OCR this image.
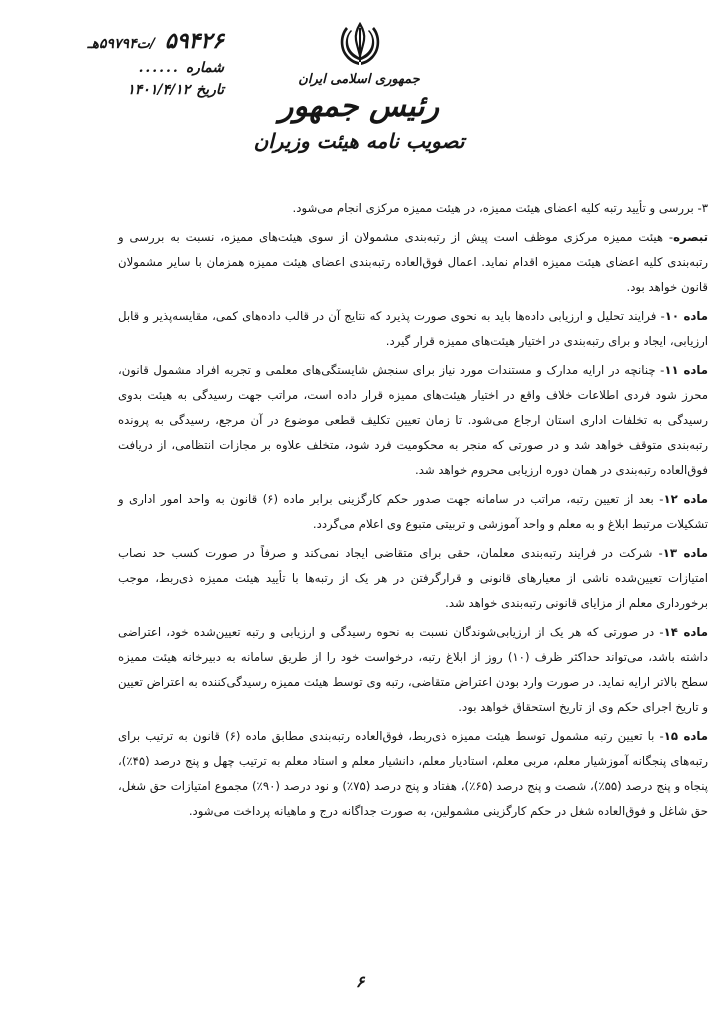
۵۹۴۲۶
/ت۵۹۷۹۴هـ
شماره
......
تاریخ
۱۴۰۱/۴/۱۲
جمهوری اسلامی ایران
رئیس جمهور
تصویب نامه هیئت وزیران

۳- بررسی و تأیید رتبه کلیه اعضای هیئت ممیزه، در هیئت ممیزه مرکزی انجام می‌شود.

تبصره- هیئت ممیزه مرکزی موظف است پیش از رتبه‌بندی مشمولان از سوی هیئت‌های ممیزه، نسبت به بررسی و رتبه‌بندی کلیه اعضای هیئت ممیزه اقدام نماید. اعمال فوق‌العاده رتبه‌بندی اعضای هیئت ممیزه همزمان با سایر مشمولان قانون خواهد بود.

ماده ۱۰- فرایند تحلیل و ارزیابی داده‌ها باید به نحوی صورت پذیرد که نتایج آن در قالب داده‌های کمی، مقایسه‌پذیر و قابل ارزیابی، ایجاد و برای رتبه‌بندی در اختیار هیئت‌های ممیزه قرار گیرد.

ماده ۱۱- چنانچه در ارایه مدارک و مستندات مورد نیاز برای سنجش شایستگی‌های معلمی و تجربه افراد مشمول قانون، محرز شود فردی اطلاعات خلاف واقع در اختیار هیئت‌های ممیزه قرار داده است، مراتب جهت رسیدگی به هیئت بدوی رسیدگی به تخلفات اداری استان ارجاع می‌شود. تا زمان تعیین تکلیف قطعی موضوع در آن مرجع، رسیدگی به پرونده رتبه‌بندی متوقف خواهد شد و در صورتی که منجر به محکومیت فرد شود، متخلف علاوه بر مجازات انتظامی، از دریافت فوق‌العاده رتبه‌بندی در همان دوره ارزیابی محروم خواهد شد.

ماده ۱۲- بعد از تعیین رتبه، مراتب در سامانه جهت صدور حکم کارگزینی برابر ماده (۶) قانون به واحد امور اداری و تشکیلات مرتبط ابلاغ و به معلم و واحد آموزشی و تربیتی متبوع وی اعلام می‌گردد.

ماده ۱۳- شرکت در فرایند رتبه‌بندی معلمان، حقی برای متقاضی ایجاد نمی‌کند و صرفاً در صورت کسب حد نصاب امتیازات تعیین‌شده ناشی از معیارهای قانونی و قرارگرفتن در هر یک از رتبه‌ها با تأیید هیئت ممیزه ذی‌ربط، موجب برخورداری معلم از مزایای قانونی رتبه‌بندی خواهد شد.

ماده ۱۴- در صورتی که هر یک از ارزیابی‌شوندگان نسبت به نحوه رسیدگی و ارزیابی و رتبه تعیین‌شده خود، اعتراضی داشته باشد، می‌تواند حداکثر ظرف (۱۰) روز از ابلاغ رتبه، درخواست خود را از طریق سامانه به دبیرخانه هیئت ممیزه سطح بالاتر ارایه نماید. در صورت وارد بودن اعتراض متقاضی، رتبه وی توسط هیئت ممیزه رسیدگی‌کننده به اعتراض تعیین و تاریخ اجرای حکم وی از تاریخ استحقاق خواهد بود.

ماده ۱۵- با تعیین رتبه مشمول توسط هیئت ممیزه ذی‌ربط، فوق‌العاده رتبه‌بندی مطابق ماده (۶) قانون به ترتیب برای رتبه‌های پنجگانه آموزشیار معلم، مربی معلم، استادیار معلم، دانشیار معلم و استاد معلم به ترتیب چهل و پنج درصد (۴۵٪)، پنجاه و پنج درصد (۵۵٪)، شصت و پنج درصد (۶۵٪)، هفتاد و پنج درصد (۷۵٪) و نود درصد (۹۰٪) مجموع امتیازات حق شغل، حق شاغل و فوق‌العاده شغل در حکم کارگزینی مشمولین، به صورت جداگانه درج و ماهیانه پرداخت می‌شود.

۶
